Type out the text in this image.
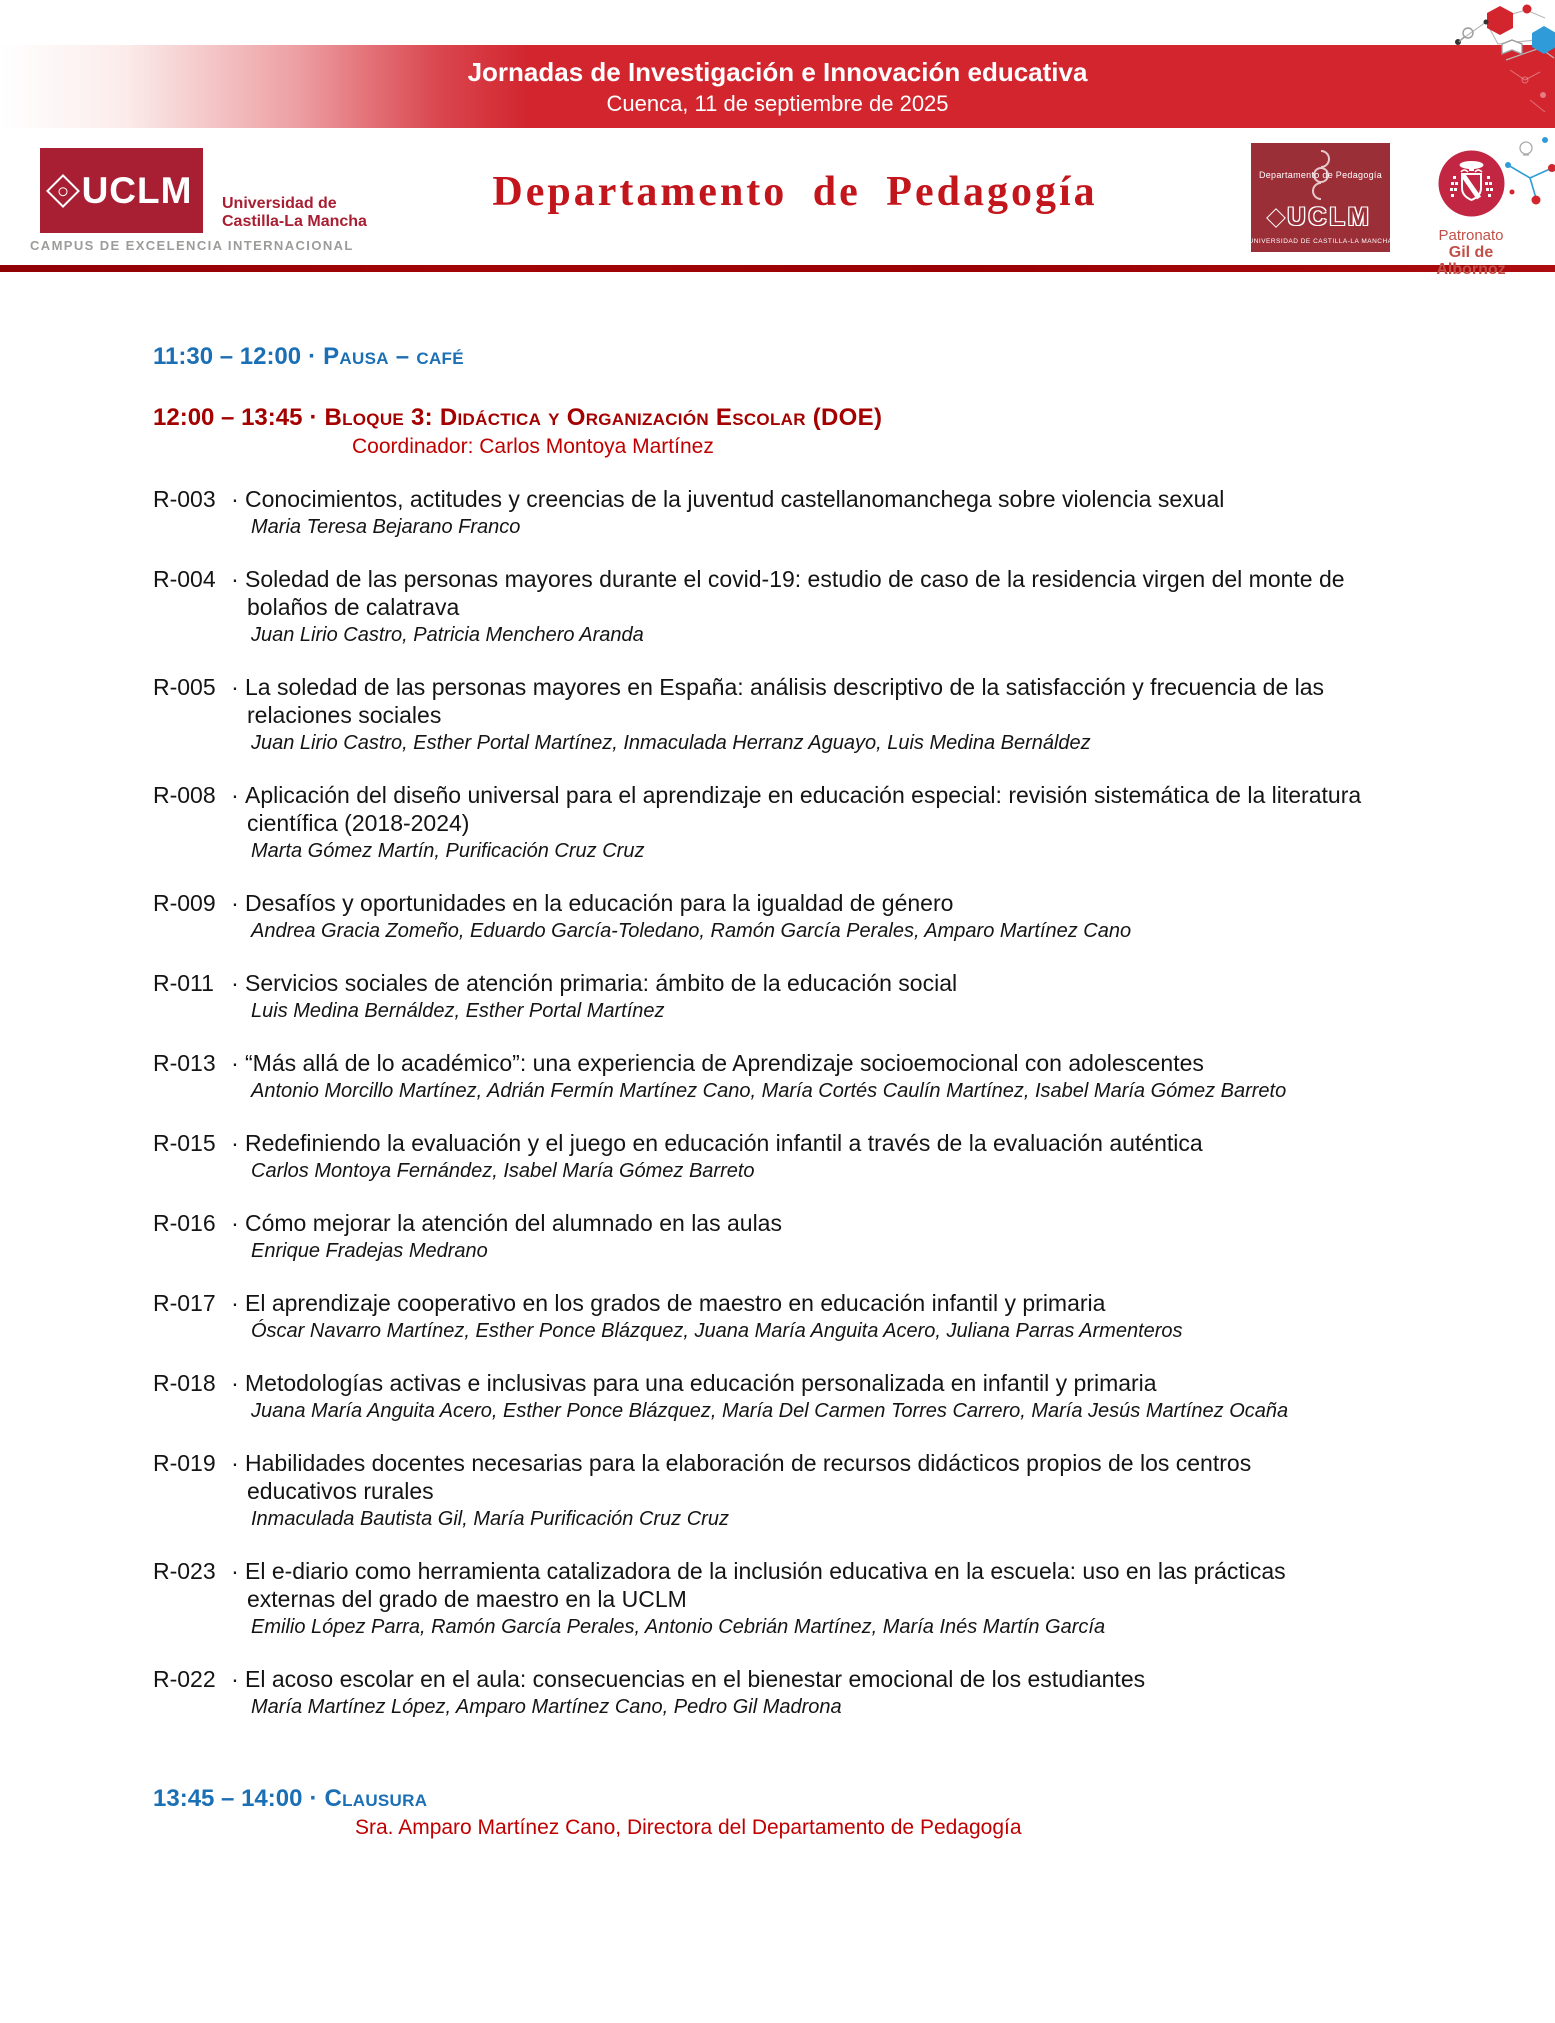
Jornadas de Investigación e Innovación educativa
Cuenca, 11 de septiembre de 2025
UCLM Universidad de
Castilla-La Mancha
CAMPUS DE EXCELENCIA INTERNACIONAL
Departamento de Pedagogía	Departamento de Pedagogía
UCLM
UNIVERSIDAD DE CASTILLA-LA MANCHA	Patronato
Gil de Albornoz
11:30 – 12:00 · Pausa – café
12:00 – 13:45 · Bloque 3: Didáctica y Organización Escolar (DOE)
Coordinador: Carlos Montoya Martínez
R-003 · Conocimientos, actitudes y creencias de la juventud castellanomanchega sobre violencia sexual
Maria Teresa Bejarano Franco
R-004 · Soledad de las personas mayores durante el covid-19: estudio de caso de la residencia virgen del monte de bolaños de calatrava
Juan Lirio Castro, Patricia Menchero Aranda
R-005 · La soledad de las personas mayores en España: análisis descriptivo de la satisfacción y frecuencia de las relaciones sociales
Juan Lirio Castro, Esther Portal Martínez, Inmaculada Herranz Aguayo, Luis Medina Bernáldez
R-008 · Aplicación del diseño universal para el aprendizaje en educación especial: revisión sistemática de la literatura científica (2018-2024)
Marta Gómez Martín, Purificación Cruz Cruz
R-009 · Desafíos y oportunidades en la educación para la igualdad de género
Andrea Gracia Zomeño, Eduardo García-Toledano, Ramón García Perales, Amparo Martínez Cano
R-011 · Servicios sociales de atención primaria: ámbito de la educación social
Luis Medina Bernáldez, Esther Portal Martínez
R-013 · “Más allá de lo académico”: una experiencia de Aprendizaje socioemocional con adolescentes
Antonio Morcillo Martínez, Adrián Fermín Martínez Cano, María Cortés Caulín Martínez, Isabel María Gómez Barreto
R-015 · Redefiniendo la evaluación y el juego en educación infantil a través de la evaluación auténtica
Carlos Montoya Fernández, Isabel María Gómez Barreto
R-016 · Cómo mejorar la atención del alumnado en las aulas
Enrique Fradejas Medrano
R-017 · El aprendizaje cooperativo en los grados de maestro en educación infantil y primaria
Óscar Navarro Martínez, Esther Ponce Blázquez, Juana María Anguita Acero, Juliana Parras Armenteros
R-018 · Metodologías activas e inclusivas para una educación personalizada en infantil y primaria
Juana María Anguita Acero, Esther Ponce Blázquez, María Del Carmen Torres Carrero, María Jesús Martínez Ocaña
R-019 · Habilidades docentes necesarias para la elaboración de recursos didácticos propios de los centros educativos rurales
Inmaculada Bautista Gil, María Purificación Cruz Cruz
R-023 · El e-diario como herramienta catalizadora de la inclusión educativa en la escuela: uso en las prácticas externas del grado de maestro en la UCLM
Emilio López Parra, Ramón García Perales, Antonio Cebrián Martínez, María Inés Martín García
R-022 · El acoso escolar en el aula: consecuencias en el bienestar emocional de los estudiantes
María Martínez López, Amparo Martínez Cano, Pedro Gil Madrona
13:45 – 14:00 · Clausura
Sra. Amparo Martínez Cano, Directora del Departamento de Pedagogía
